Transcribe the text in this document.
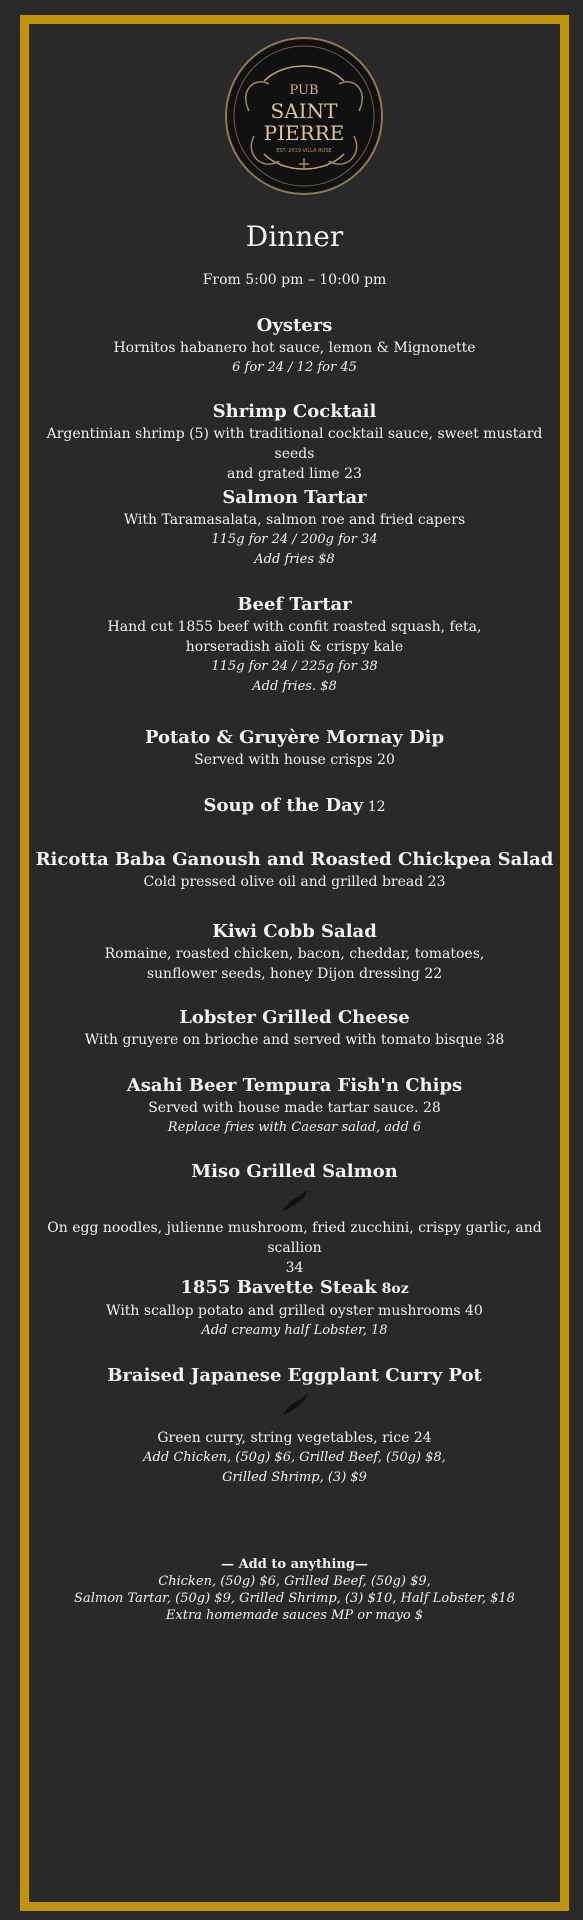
PUB
SAINT
PIERRE
EST. 2019 VILLA ROSE
Dinner
From 5:00 pm – 10:00 pm
Oysters
Hornitos habanero hot sauce, lemon & Mignonette
6 for 24 / 12 for 45
Shrimp Cocktail
Argentinian shrimp (5) with traditional cocktail sauce, sweet mustard seeds
and grated lime 23
Salmon Tartar
With Taramasalata, salmon roe and fried capers
115g for 24 / 200g for 34
Add fries $8
Beef Tartar
Hand cut 1855 beef with confit roasted squash, feta,
horseradish aïoli & crispy kale
115g for 24 / 225g for 38
Add fries. $8
Potato & Gruyère Mornay Dip
Served with house crisps 20
Soup of the Day 12
Ricotta Baba Ganoush and Roasted Chickpea Salad
Cold pressed olive oil and grilled bread 23
Kiwi Cobb Salad
Romaine, roasted chicken, bacon, cheddar, tomatoes,
sunflower seeds, honey Dijon dressing 22
Lobster Grilled Cheese
With gruyere on brioche and served with tomato bisque 38
Asahi Beer Tempura Fish'n Chips
Served with house made tartar sauce. 28
Replace fries with Caesar salad, add 6
Miso Grilled Salmon
On egg noodles, julienne mushroom, fried zucchini, crispy garlic, and scallion
34
1855 Bavette Steak 8oz
With scallop potato and grilled oyster mushrooms 40
Add creamy half Lobster, 18
Braised Japanese Eggplant Curry Pot
Green curry, string vegetables, rice 24
Add Chicken, (50g) $6, Grilled Beef, (50g) $8,
Grilled Shrimp, (3) $9
— Add to anything—
Chicken, (50g) $6, Grilled Beef, (50g) $9,
Salmon Tartar, (50g) $9, Grilled Shrimp, (3) $10, Half Lobster, $18
Extra homemade sauces MP or mayo $
